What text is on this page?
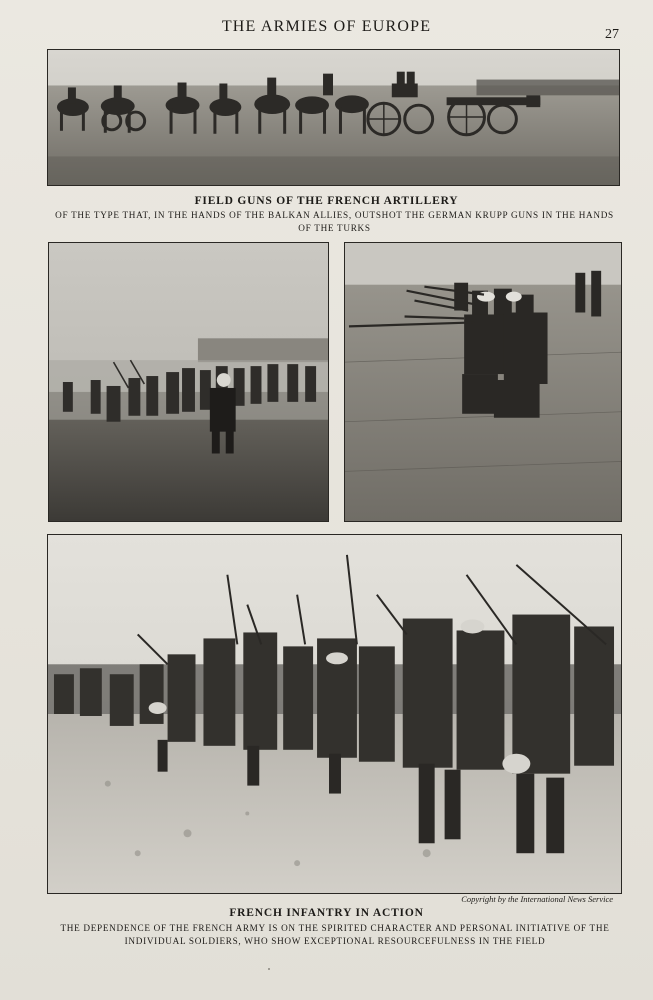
THE ARMIES OF EUROPE	27
FIELD GUNS OF THE FRENCH ARTILLERY
OF THE TYPE THAT, IN THE HANDS OF THE BALKAN ALLIES, OUTSHOT THE GERMAN KRUPP GUNS IN THE HANDS OF THE TURKS
Copyright by the International News Service
FRENCH INFANTRY IN ACTION
THE DEPENDENCE OF THE FRENCH ARMY IS ON THE SPIRITED CHARACTER AND PERSONAL INITIATIVE OF THE INDIVIDUAL SOLDIERS, WHO SHOW EXCEPTIONAL RESOURCEFULNESS IN THE FIELD
